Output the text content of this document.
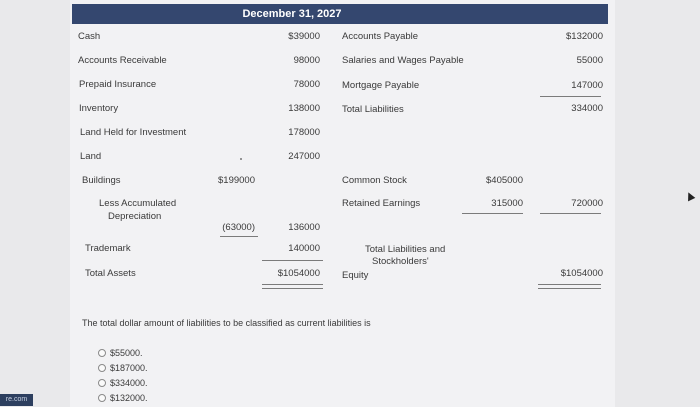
December 31, 2027
Cash	$39000
Accounts Receivable	98000
Prepaid Insurance	78000
Inventory	138000
Land Held for Investment	178000
Land	247000
Buildings	$199000
Less Accumulated
Depreciation
(63000)	136000
Trademark	140000
Total Assets	$1054000
Accounts Payable	$132000
Salaries and Wages Payable	55000
Mortgage Payable	147000
Total Liabilities	334000
Common Stock	$405000
Retained Earnings	315000	720000
Total Liabilities and
Stockholders'
Equity	$1054000
The total dollar amount of liabilities to be classified as current liabilities is
$55000.
$187000.
$334000.
$132000.
re.com
